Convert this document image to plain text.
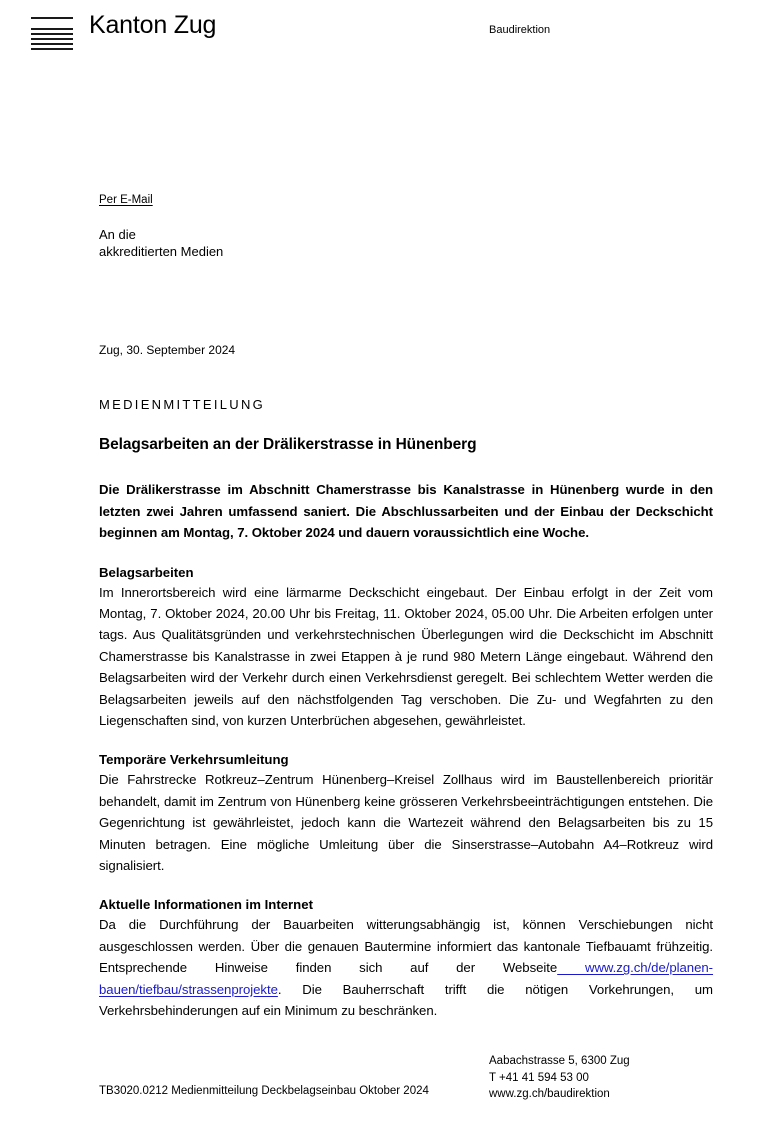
Kanton Zug	Baudirektion
Per E-Mail
An die
akkreditierten Medien
Zug, 30. September 2024
MEDIENMITTEILUNG
Belagsarbeiten an der Drälikerstrasse in Hünenberg
Die Drälikerstrasse im Abschnitt Chamerstrasse bis Kanalstrasse in Hünenberg wurde in den letzten zwei Jahren umfassend saniert. Die Abschlussarbeiten und der Einbau der Deckschicht beginnen am Montag, 7. Oktober 2024 und dauern voraussichtlich eine Woche.
Belagsarbeiten
Im Innerortsbereich wird eine lärmarme Deckschicht eingebaut. Der Einbau erfolgt in der Zeit vom Montag, 7. Oktober 2024, 20.00 Uhr bis Freitag, 11. Oktober 2024, 05.00 Uhr. Die Arbeiten erfolgen unter tags. Aus Qualitätsgründen und verkehrstechnischen Überlegungen wird die Deckschicht im Abschnitt Chamerstrasse bis Kanalstrasse in zwei Etappen à je rund 980 Metern Länge eingebaut. Während den Belagsarbeiten wird der Verkehr durch einen Verkehrsdienst geregelt. Bei schlechtem Wetter werden die Belagsarbeiten jeweils auf den nächstfolgenden Tag verschoben. Die Zu- und Wegfahrten zu den Liegenschaften sind, von kurzen Unterbrüchen abgesehen, gewährleistet.
Temporäre Verkehrsumleitung
Die Fahrstrecke Rotkreuz–Zentrum Hünenberg–Kreisel Zollhaus wird im Baustellenbereich prioritär behandelt, damit im Zentrum von Hünenberg keine grösseren Verkehrsbeeinträchtigungen entstehen. Die Gegenrichtung ist gewährleistet, jedoch kann die Wartezeit während den Belagsarbeiten bis zu 15 Minuten betragen. Eine mögliche Umleitung über die Sinserstrasse–Autobahn A4–Rotkreuz wird signalisiert.
Aktuelle Informationen im Internet
Da die Durchführung der Bauarbeiten witterungsabhängig ist, können Verschiebungen nicht ausgeschlossen werden. Über die genauen Bautermine informiert das kantonale Tiefbauamt frühzeitig. Entsprechende Hinweise finden sich auf der Webseite www.zg.ch/de/planen-bauen/tiefbau/strassenprojekte. Die Bauherrschaft trifft die nötigen Vorkehrungen, um Verkehrsbehinderungen auf ein Minimum zu beschränken.
TB3020.0212 Medienmitteilung Deckbelagseinbau Oktober 2024
Aabachstrasse 5, 6300 Zug
T +41 41 594 53 00
www.zg.ch/baudirektion
